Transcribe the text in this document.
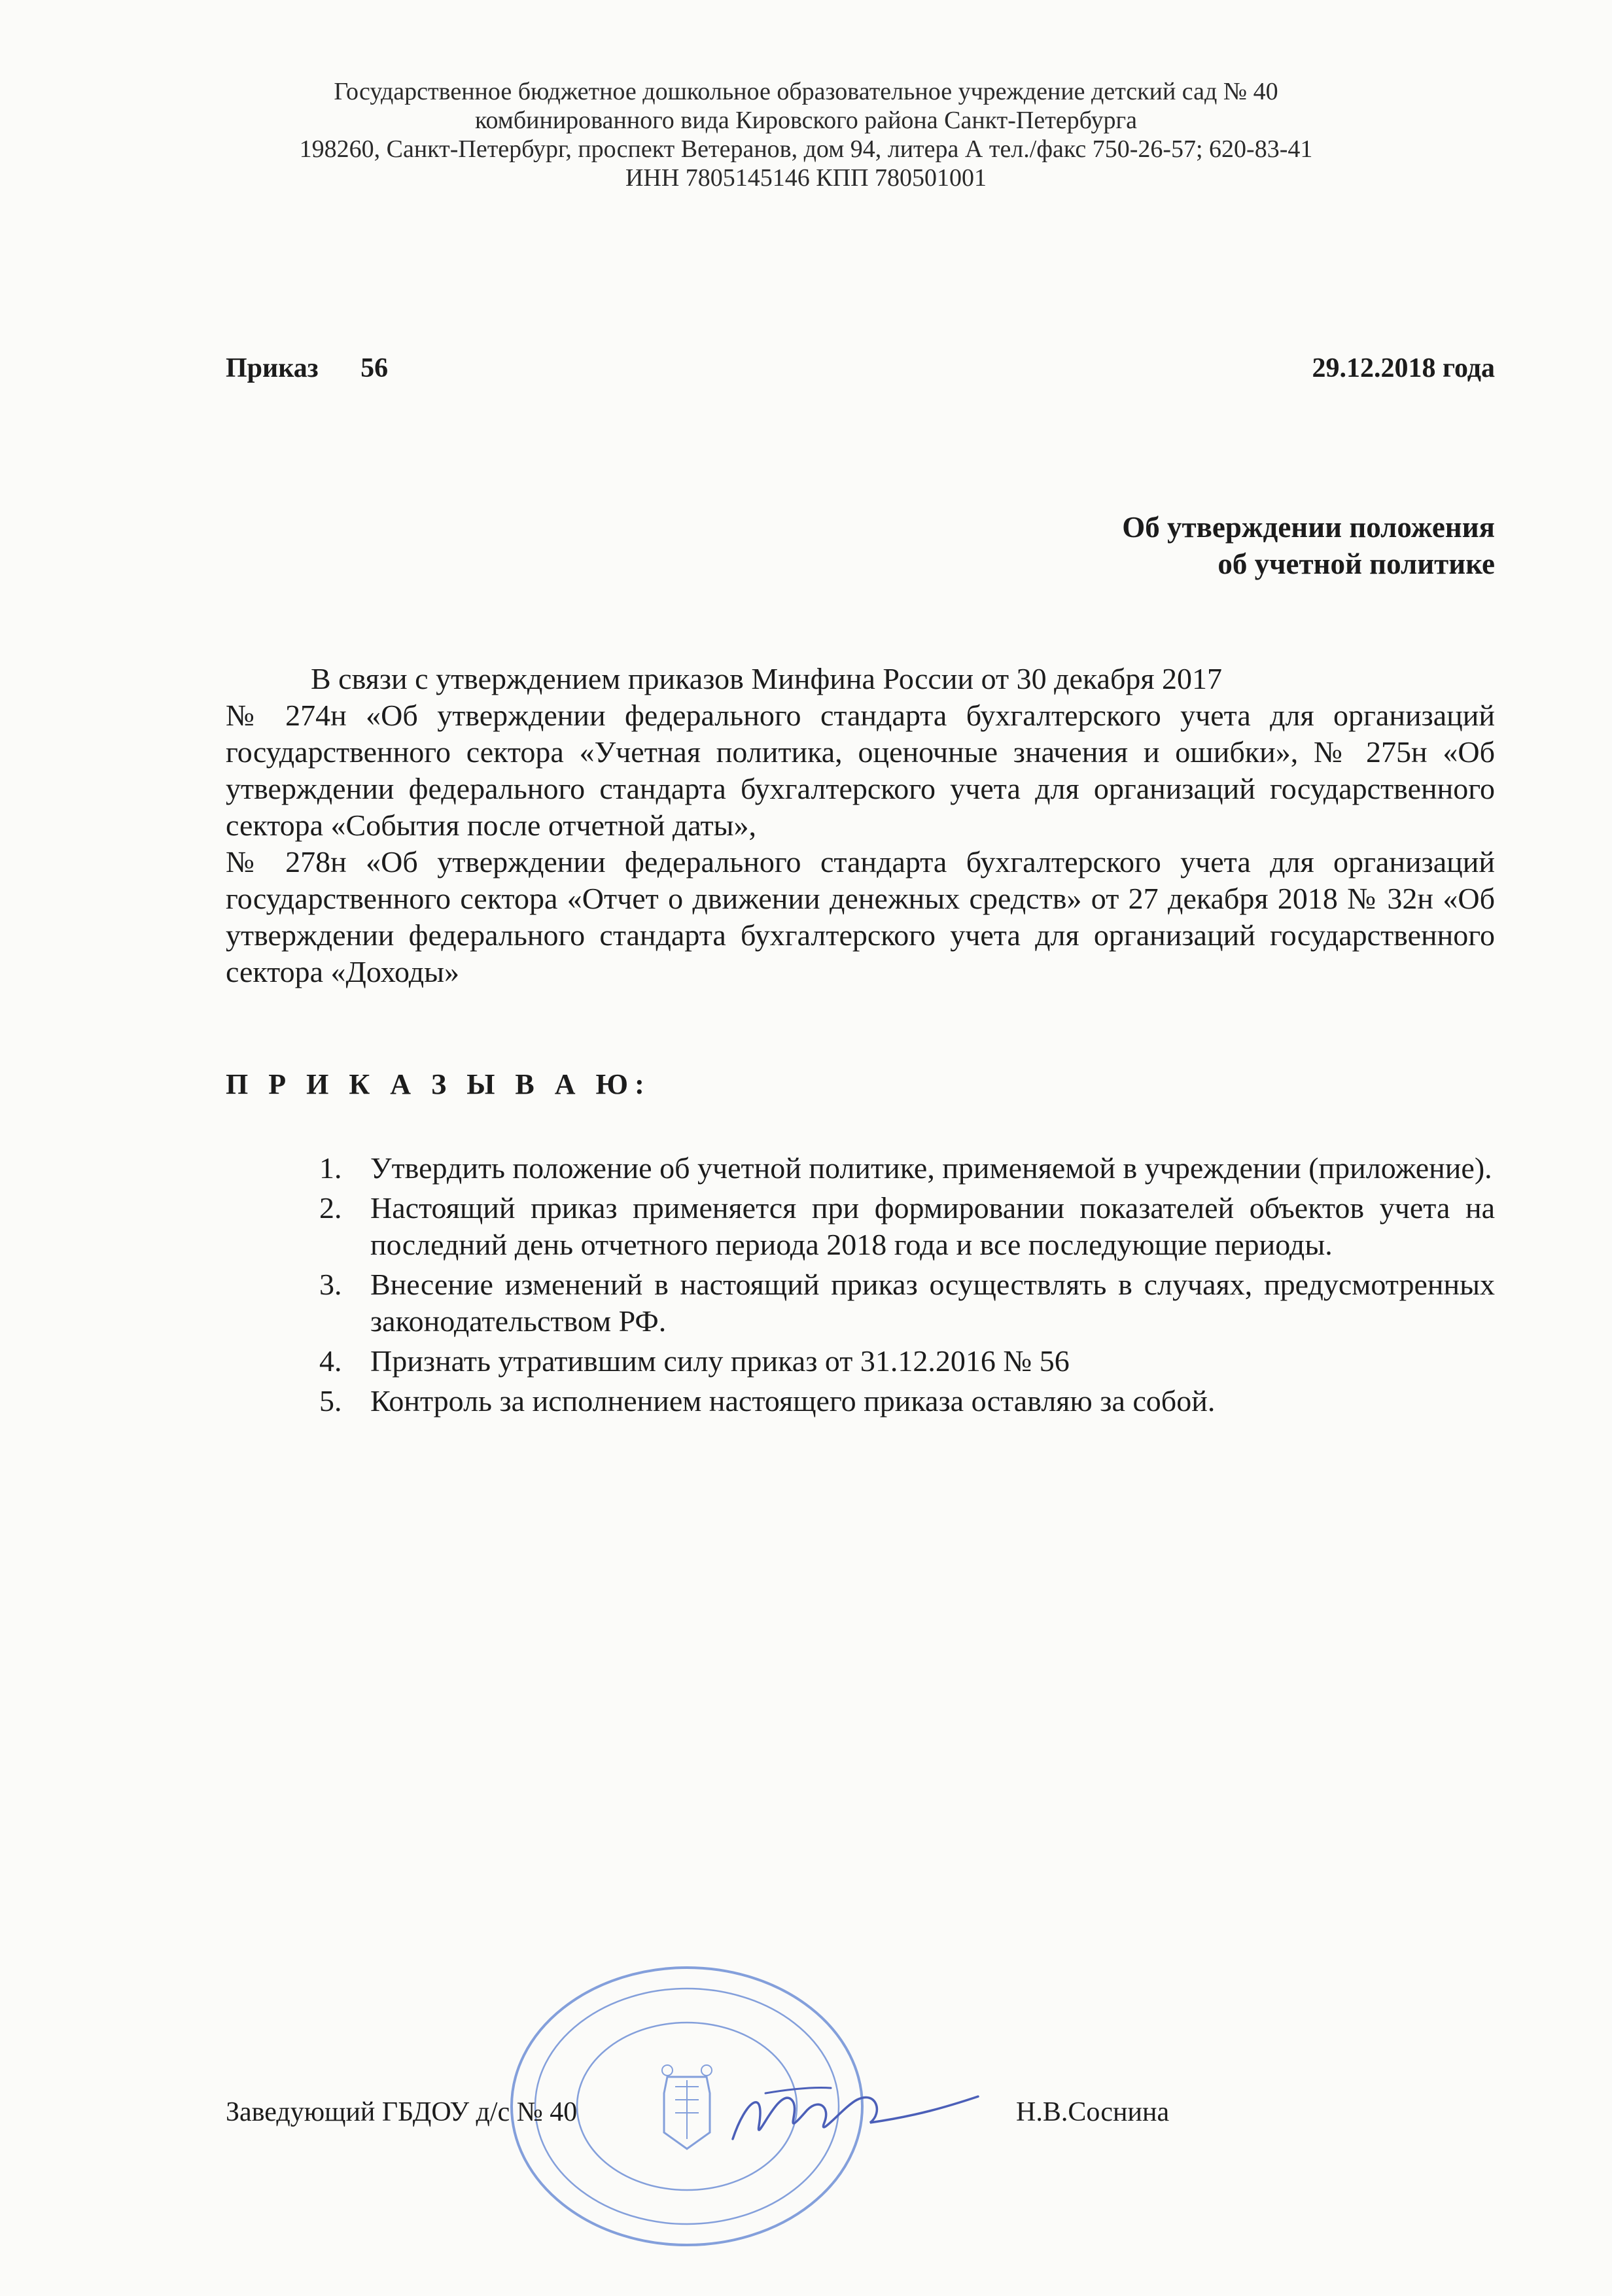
Государственное бюджетное дошкольное образовательное учреждение детский сад № 40
комбинированного вида Кировского района Санкт-Петербурга
198260, Санкт-Петербург, проспект Ветеранов, дом 94, литера А тел./факс 750-26-57; 620-83-41
ИНН 7805145146 КПП 780501001
Приказ 56	29.12.2018 года
Об утверждении положения
об учетной политике

В связи с утверждением приказов Минфина России от 30 декабря 2017

№ 274н «Об утверждении федерального стандарта бухгалтерского учета для организаций государственного сектора «Учетная политика, оценочные значения и ошибки», № 275н «Об утверждении федерального стандарта бухгалтерского учета для организаций государственного сектора «События после отчетной даты»,

№ 278н «Об утверждении федерального стандарта бухгалтерского учета для организаций государственного сектора «Отчет о движении денежных средств» от 27 декабря 2018 № 32н «Об утверждении федерального стандарта бухгалтерского учета для организаций государственного сектора «Доходы»

П Р И К А З Ы В А Ю:
1. Утвердить положение об учетной политике, применяемой в учреждении (приложение).
2. Настоящий приказ применяется при формировании показателей объектов учета на последний день отчетного периода 2018 года и все последующие периоды.
3. Внесение изменений в настоящий приказ осуществлять в случаях, предусмотренных законодательством РФ.
4. Признать утратившим силу приказ от 31.12.2016 № 56
5. Контроль за исполнением настоящего приказа оставляю за собой.
Заведующий ГБДОУ д/с № 40	Н.В.Соснина
